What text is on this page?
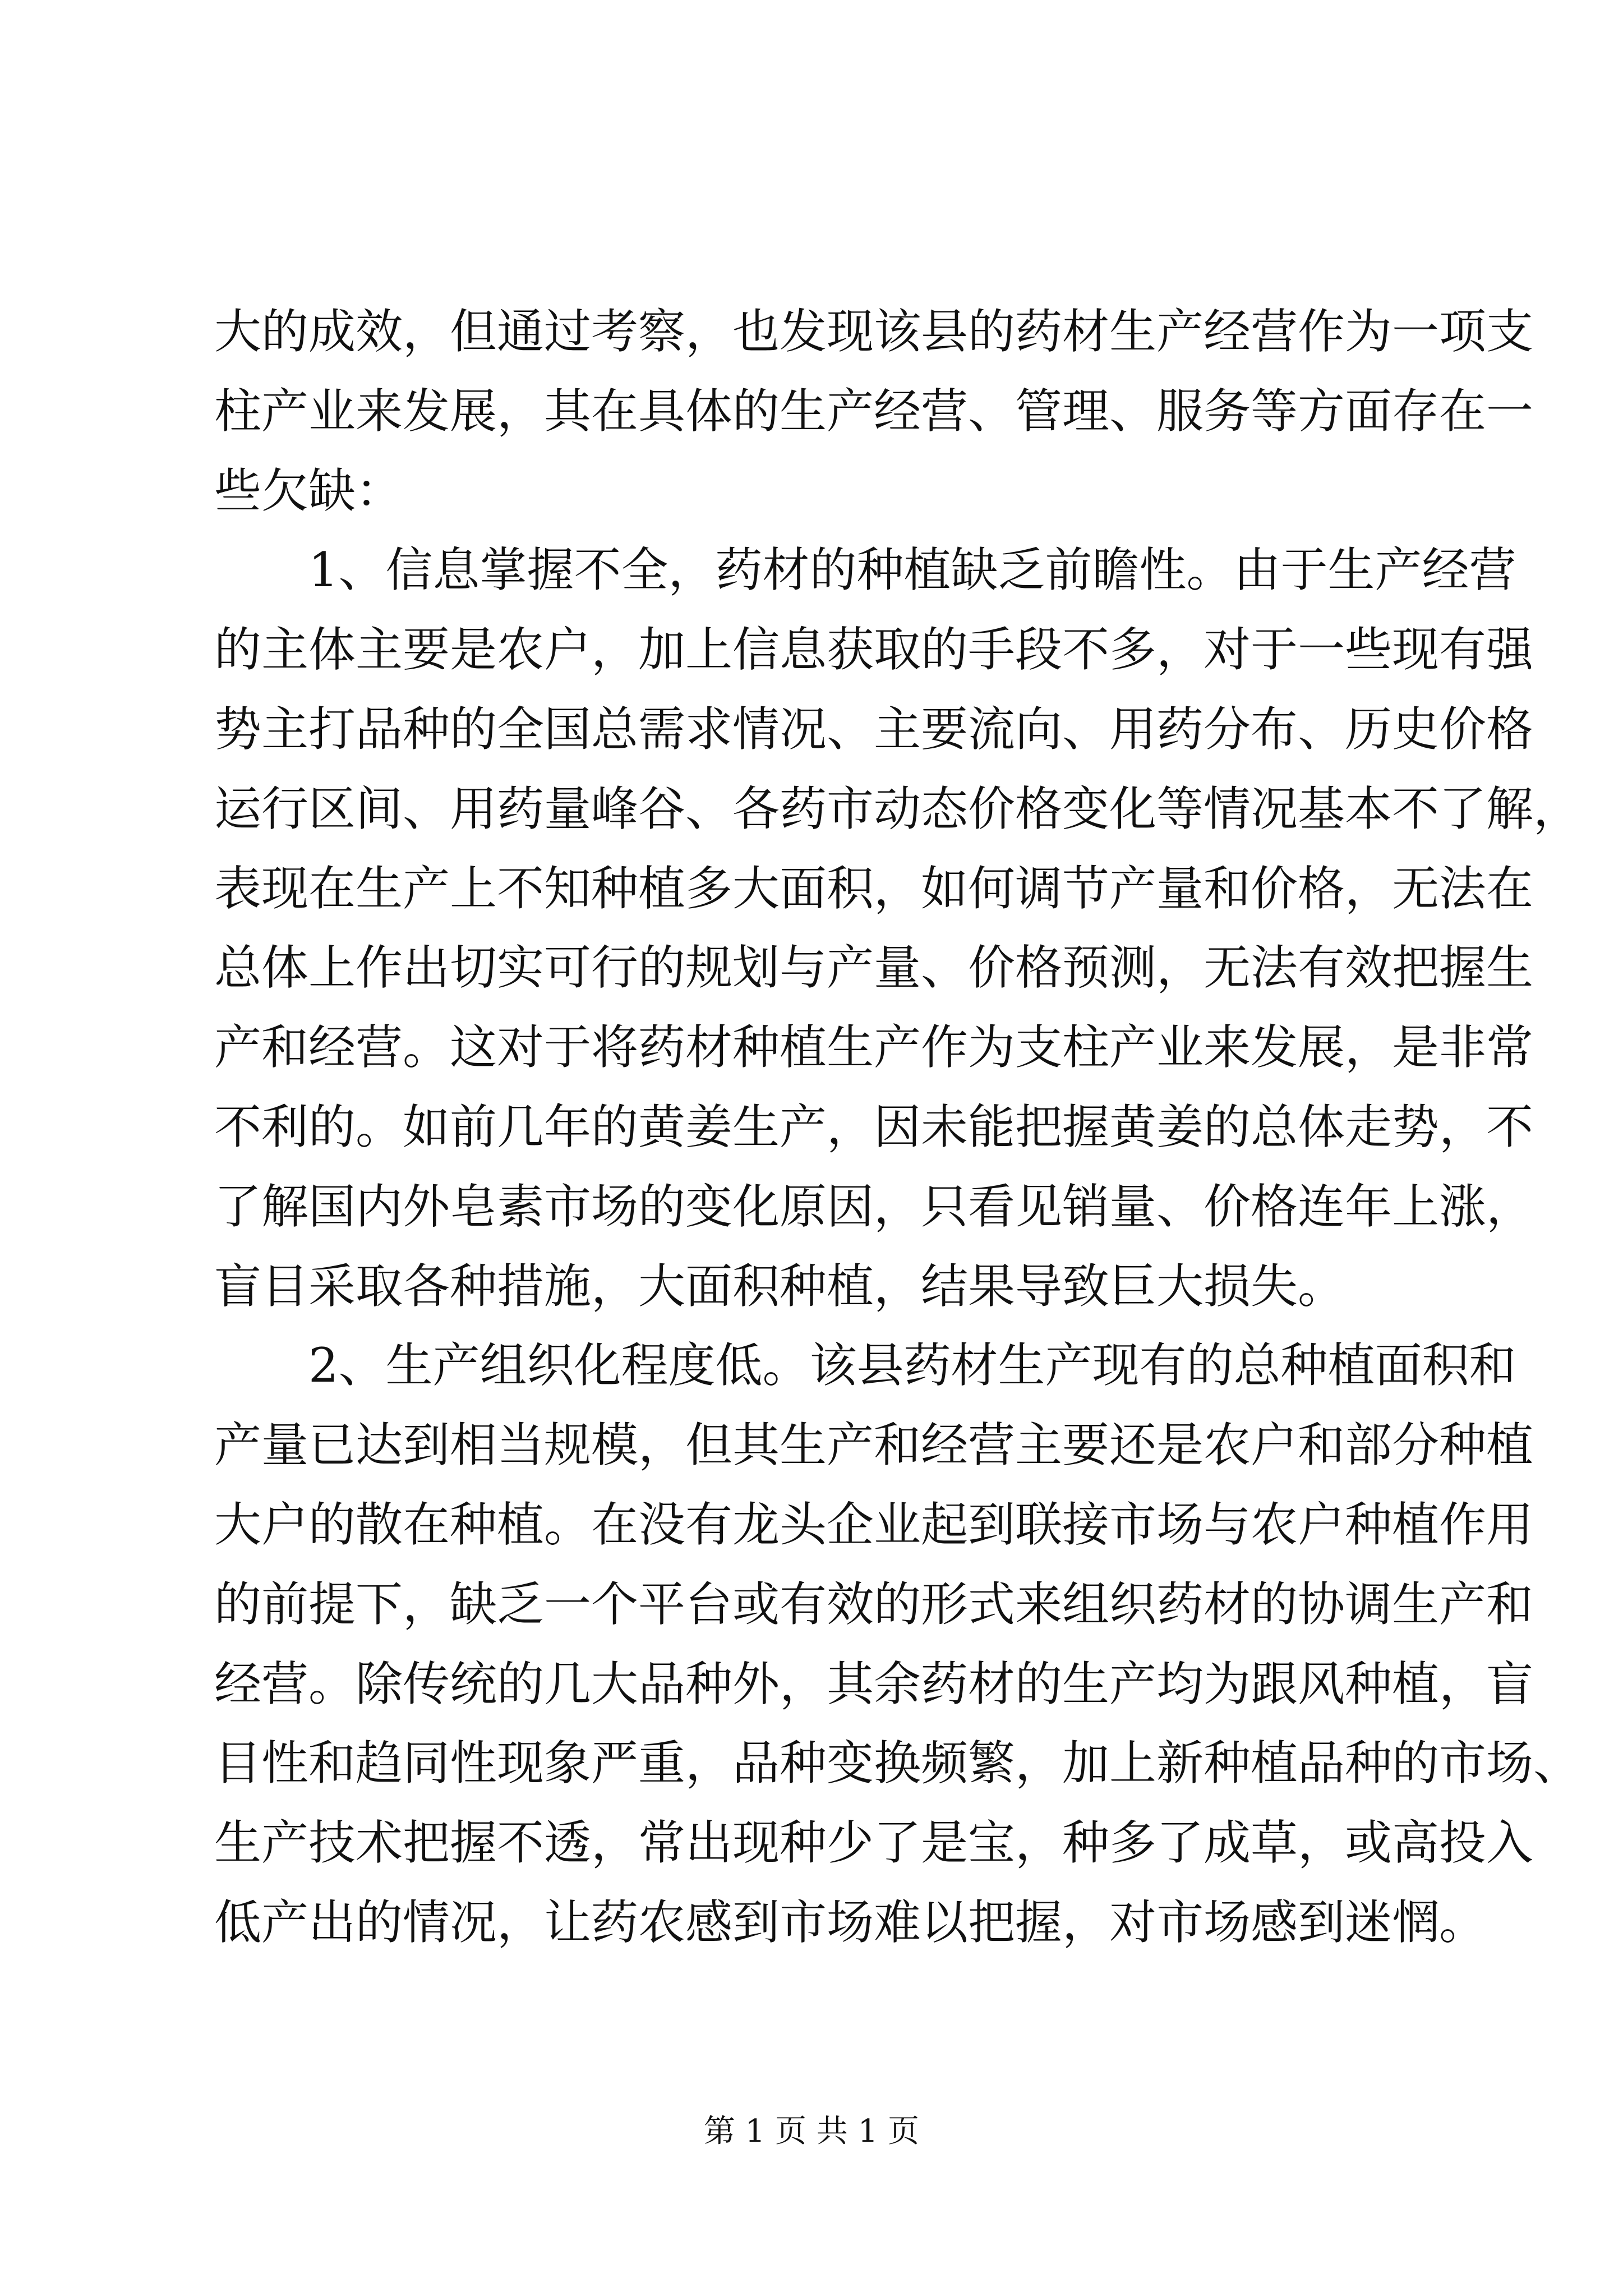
大的成效，但通过考察，也发现该县的药材生产经营作为一项支
柱产业来发展，其在具体的生产经营、管理、服务等方面存在一
些欠缺：
　　1、信息掌握不全，药材的种植缺乏前瞻性。由于生产经营
的主体主要是农户，加上信息获取的手段不多，对于一些现有强
势主打品种的全国总需求情况、主要流向、用药分布、历史价格
运行区间、用药量峰谷、各药市动态价格变化等情况基本不了解，
表现在生产上不知种植多大面积，如何调节产量和价格，无法在
总体上作出切实可行的规划与产量、价格预测，无法有效把握生
产和经营。这对于将药材种植生产作为支柱产业来发展，是非常
不利的。如前几年的黄姜生产，因未能把握黄姜的总体走势，不
了解国内外皂素市场的变化原因，只看见销量、价格连年上涨，
盲目采取各种措施，大面积种植，结果导致巨大损失。
　　2、生产组织化程度低。该县药材生产现有的总种植面积和
产量已达到相当规模，但其生产和经营主要还是农户和部分种植
大户的散在种植。在没有龙头企业起到联接市场与农户种植作用
的前提下，缺乏一个平台或有效的形式来组织药材的协调生产和
经营。除传统的几大品种外，其余药材的生产均为跟风种植，盲
目性和趋同性现象严重，品种变换频繁，加上新种植品种的市场、
生产技术把握不透，常出现种少了是宝，种多了成草，或高投入
低产出的情况，让药农感到市场难以把握，对市场感到迷惘。
第 1 页 共 1 页
